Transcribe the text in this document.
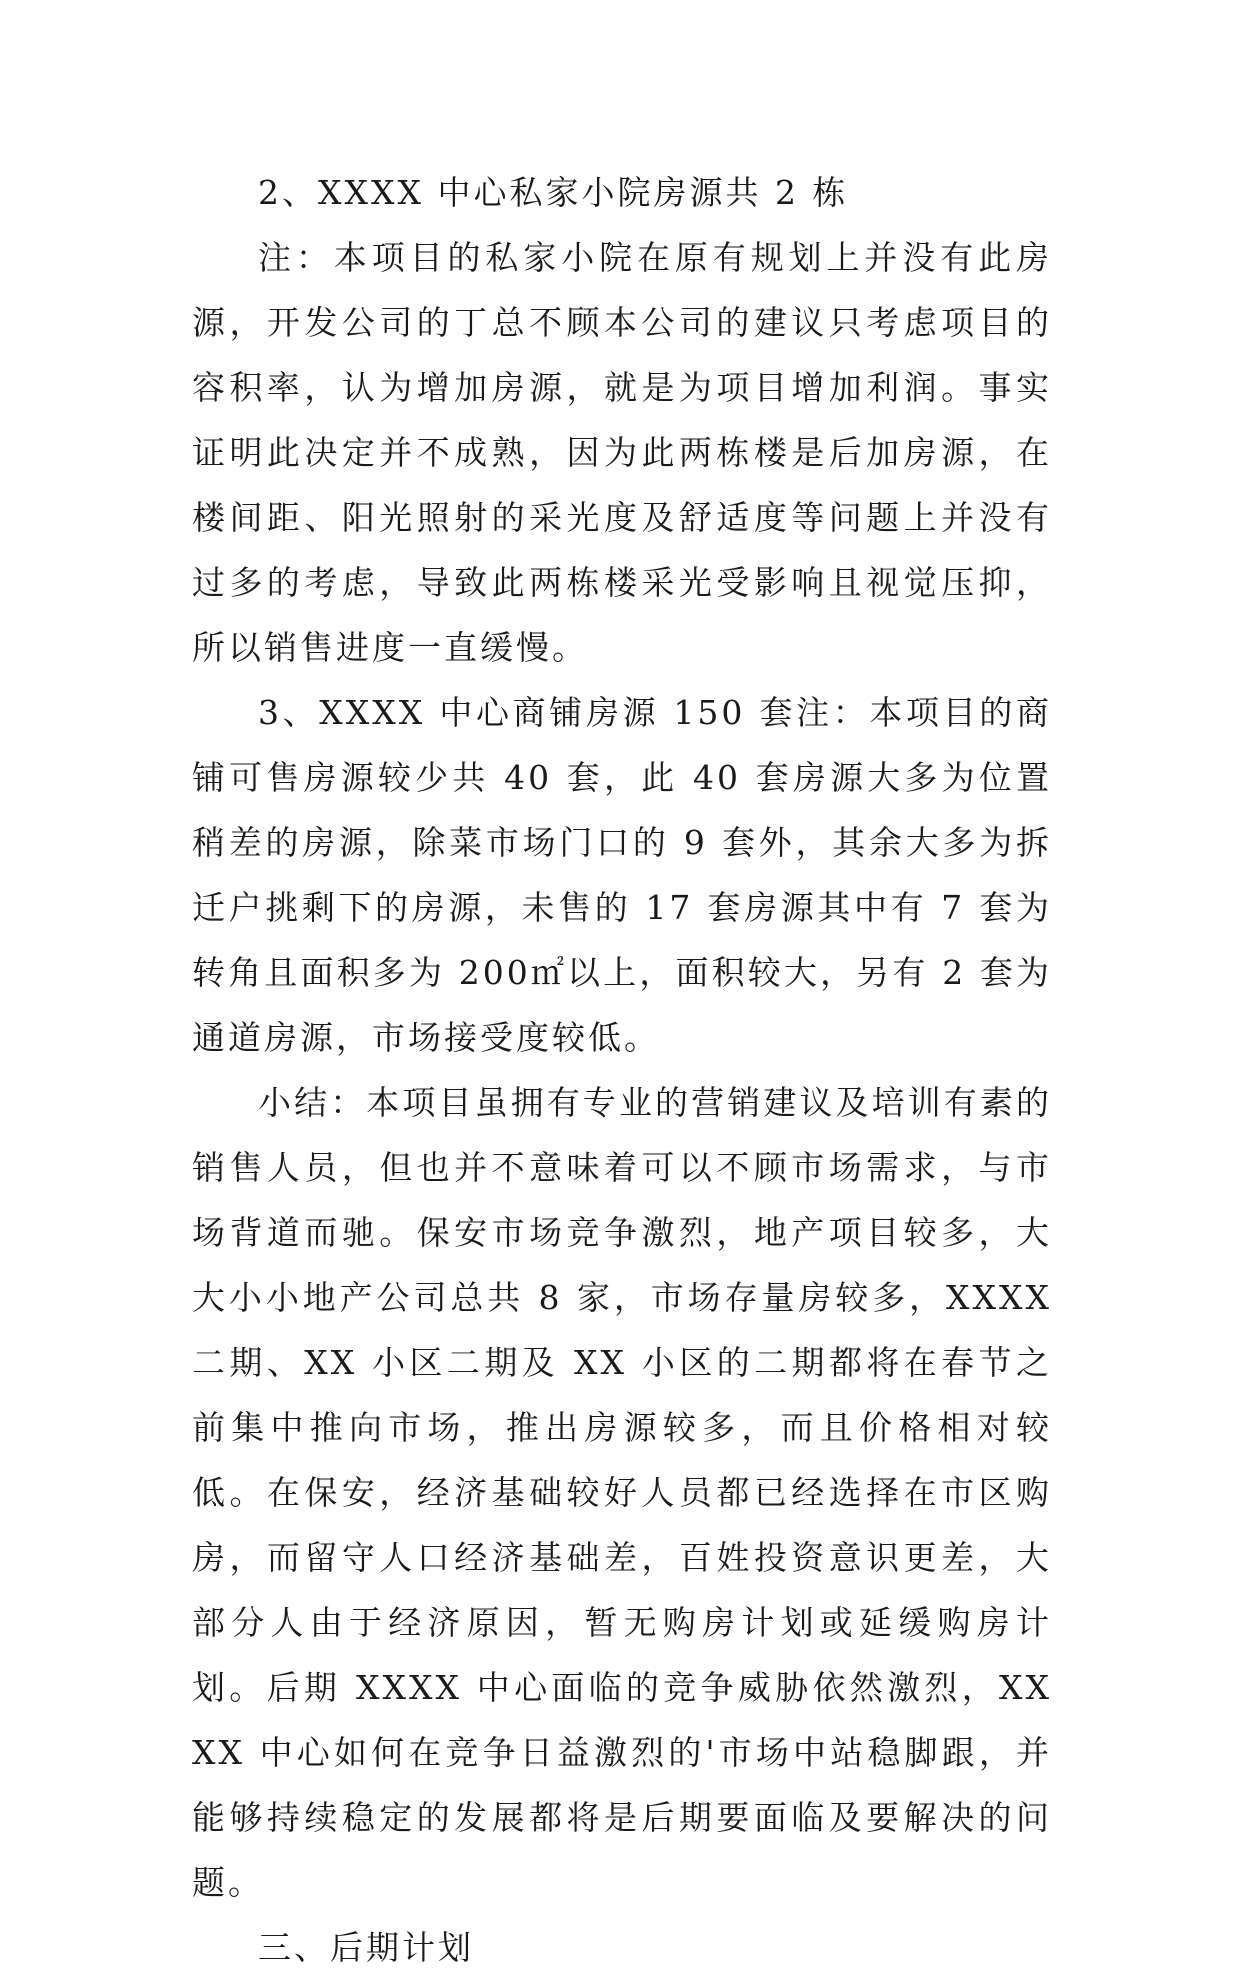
2、XXXX 中心私家小院房源共 2 栋

注：本项目的私家小院在原有规划上并没有此房源，开发公司的丁总不顾本公司的建议只考虑项目的容积率，认为增加房源，就是为项目增加利润。事实证明此决定并不成熟，因为此两栋楼是后加房源，在楼间距、阳光照射的采光度及舒适度等问题上并没有过多的考虑，导致此两栋楼采光受影响且视觉压抑，所以销售进度一直缓慢。

3、XXXX 中心商铺房源 150 套注：本项目的商铺可售房源较少共 40 套，此 40 套房源大多为位置稍差的房源，除菜市场门口的 9 套外，其余大多为拆迁户挑剩下的房源，未售的 17 套房源其中有 7 套为转角且面积多为 200㎡以上，面积较大，另有 2 套为通道房源，市场接受度较低。

小结：本项目虽拥有专业的营销建议及培训有素的销售人员，但也并不意味着可以不顾市场需求，与市场背道而驰。保安市场竞争激烈，地产项目较多，大大小小地产公司总共 8 家，市场存量房较多，XXXX 二期、XX 小区二期及 XX 小区的二期都将在春节之前集中推向市场，推出房源较多，而且价格相对较低。在保安，经济基础较好人员都已经选择在市区购房，而留守人口经济基础差，百姓投资意识更差，大部分人由于经济原因，暂无购房计划或延缓购房计划。后期 XXXX 中心面临的竞争威胁依然激烈，XXXX 中心如何在竞争日益激烈的'市场中站稳脚跟，并能够持续稳定的发展都将是后期要面临及要解决的问题。

三、后期计划
